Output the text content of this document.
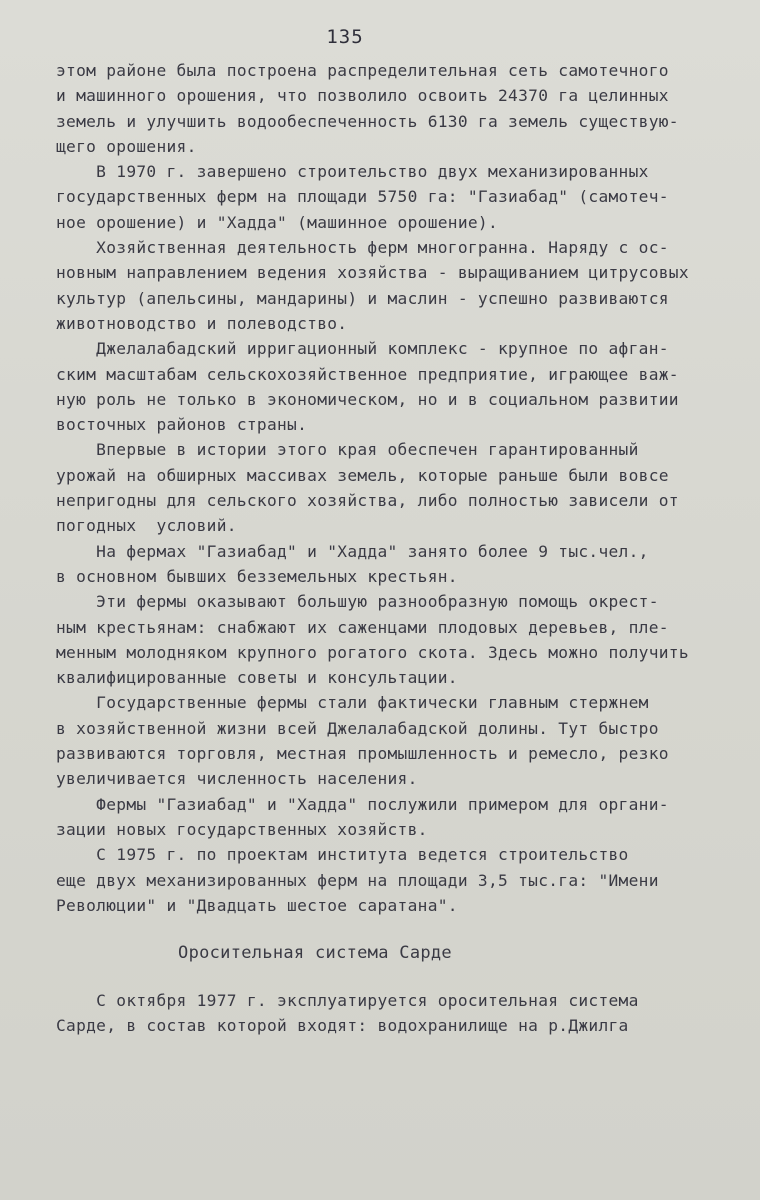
135
этом районе была построена распределительная сеть самотечного
и машинного орошения, что позволило освоить 24370 га целинных
земель и улучшить водообеспеченность 6130 га земель существую-
щего орошения.
В 1970 г. завершено строительство двух механизированных
государственных ферм на площади 5750 га: "Газиабад" (самотеч-
ное орошение) и "Хадда" (машинное орошение).
Хозяйственная деятельность ферм многогранна. Наряду с ос-
новным направлением ведения хозяйства - выращиванием цитрусовых
культур (апельсины, мандарины) и маслин - успешно развиваются
животноводство и полеводство.
Джелалабадский ирригационный комплекс - крупное по афган-
ским масштабам сельскохозяйственное предприятие, играющее важ-
ную роль не только в экономическом, но и в социальном развитии
восточных районов страны.
Впервые в истории этого края обеспечен гарантированный
урожай на обширных массивах земель, которые раньше были вовсе
непригодны для сельского хозяйства, либо полностью зависели от
погодных  условий.
На фермах "Газиабад" и "Хадда" занято более 9 тыс.чел.,
в основном бывших безземельных крестьян.
Эти фермы оказывают большую разнообразную помощь окрест-
ным крестьянам: снабжают их саженцами плодовых деревьев, пле-
менным молодняком крупного рогатого скота. Здесь можно получить
квалифицированные советы и консультации.
Государственные фермы стали фактически главным стержнем
в хозяйственной жизни всей Джелалабадской долины. Тут быстро
развиваются торговля, местная промышленность и ремесло, резко
увеличивается численность населения.
Фермы "Газиабад" и "Хадда" послужили примером для органи-
зации новых государственных хозяйств.
С 1975 г. по проектам института ведется строительство
еще двух механизированных ферм на площади 3,5 тыс.га: "Имени
Революции" и "Двадцать шестое саратана".
Оросительная система Сарде
С октября 1977 г. эксплуатируется оросительная система
Сарде, в состав которой входят: водохранилище на р.Джилга
